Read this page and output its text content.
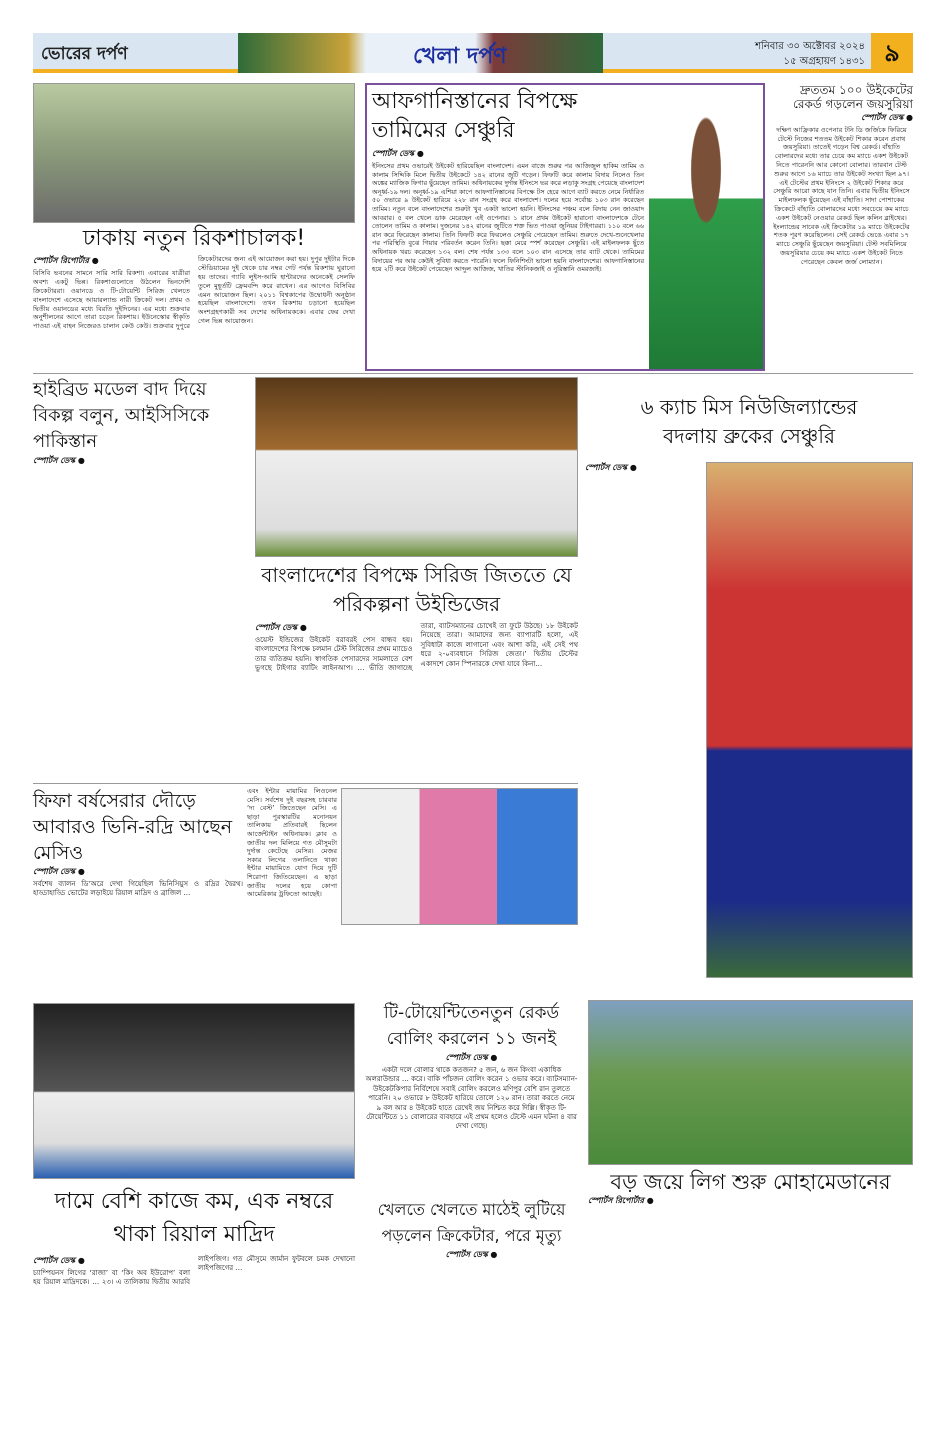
ভোরের দর্পণ	খেলা দর্পণ	শনিবার ৩০ অক্টোবর ২০২৪
১৫ অগ্রহায়ণ ১৪৩১ ৯
ঢাকায় নতুন রিকশাচালক!
স্পোর্টস রিপোর্টার ●
বিসিবি ভবনের সামনে সারি সারি রিকশা। এবারের যাত্রীরা অবশ্য একটু ভিন্ন। রিকশাগুলোতে উঠলেন ভিনদেশি ক্রিকেটাররা। ওয়ানডে ও টি-টোয়েন্টি সিরিজ খেলতে বাংলাদেশে এসেছে আয়ারল্যান্ড নারী ক্রিকেট দল। প্রথম ও দ্বিতীয় ওয়ানডের মধ্যে বিরতি দুইদিনের। এর মধ্যে শুক্রবার অনুশীলনের আগে তারা চড়েন রিকশায়। ইউনেস্কোর স্বীকৃতি পাওয়া এই বাহন নিজেরও চালান কেউ কেউ। শুক্রবার দুপুরে ক্রিকেটারদের জন্য এই আয়োজন করা হয়। দুপুর দুইটার দিকে স্টেডিয়ামের দুই থেকে চার নম্বর গেট পর্যন্ত রিকশায় ঘুরানো হয় তাদের। গ্যাবি লুইস-আমি হান্টারদের অনেকেই সেলফি তুলে মুহূর্তটি ফ্রেমবন্দি করে রাখেন। এর আগেও বিসিবির এমন আয়োজন ছিল। ২০১১ বিশ্বকাপের উদ্বোধনী অনুষ্ঠান হয়েছিল বাংলাদেশে। তখন রিকশায় চড়ানো হয়েছিল অংশগ্রহণকারী সব দেশের অধিনায়ককে। এবার ফের দেখা গেল ভিন্ন আয়োজন।
আফগানিস্তানের বিপক্ষে
তামিমের সেঞ্চুরি
স্পোর্টস ডেস্ক ●
ইনিংসের প্রথম ওভারেই উইকেট হারিয়েছিল বাংলাদেশ। এমন বাজে শুরুর পর আজিজুল হাকিম তামিম ও কালাম সিদ্দিকি মিলে দ্বিতীয় উইকেটে ১৪২ রানের জুটি গড়েন। ফিফটি করে কালাম বিদায় নিলেও তিন অঙ্কের ম্যাজিক ফিগার ছুঁয়েছেন তামিম। অধিনায়কের দুর্দান্ত ইনিংসে ভর করে লড়াকু সংগ্রহ পেয়েছে বাংলাদেশ অনূর্ধ্ব-১৯ দল। অনূর্ধ্ব-১৯ এশিয়া কাপে আফগানিস্তানের বিপক্ষে টস হেরে আগে ব্যাট করতে নেমে নির্ধারিত ৫০ ওভারে ৯ উইকেট হারিয়ে ২২৮ রান সংগ্রহ করে বাংলাদেশ। দলের হয়ে সর্বোচ্চ ১০৩ রান করেছেন তামিম। নতুন বলে বাংলাদেশের শুরুটা খুব একটা ভালো হয়নি। ইনিংসের পঞ্চম বলে বিদায় নেন জাওয়াদ আবরার। ৫ বল খেলে ডাক মেরেছেন এই ওপেনার। ১ রানে প্রথম উইকেট হারানো বাংলাদেশকে টেনে তোলেন তামিম ও কালাম। দুজনের ১৪২ রানের জুটিতে শক্ত ভিত পাওয়া জুনিয়র টাইগাররা। ১১০ বলে ৬৬ রান করে ফিরেছেন কালাম। তিনি ফিফটি করে ফিরলেও সেঞ্চুরি পেয়েছেন তামিম। শুরুতে দেখে-শুনেখেলার পর পরিস্থিতি বুঝে গিয়ার পরিবর্তন করেন তিনি। ছক্কা মেরে স্পর্শ করেছেন সেঞ্চুরি। এই মাইলফলক ছুঁতে অধিনায়ক খরচ করেছেন ১৩২ বল। শেষ পর্যন্ত ১৩৩ বলে ১০৩ রান এসেছে তার ব্যাট থেকে। তামিমের বিদায়ের পর আর কেউই সুবিধা করতে পারেনি। ফলে ফিনিশিংটা ভালো হয়নি বাংলাদেশের। আফগানিস্তানের হয়ে ২টি করে উইকেট পেয়েছেন আব্দুল আজিজ, খাতির স্টানিকজাই ও নুরিস্তানি ওমরজাই।
দ্রুততম ১০০ উইকেটের রেকর্ড গড়লেন জয়সুরিয়া
স্পোর্টস ডেস্ক ●
দক্ষিণ আফ্রিকার ওপেনার টনি ডি জর্জিকে ফিরিয়ে টেস্টে নিজের শততম উইকেট শিকার করেন প্রবাথ জয়সুরিয়া। তাতেই গড়েন বিশ্ব রেকর্ড। বাঁহাতি বোলারদের মধ্যে তার চেয়ে কম ম্যাচে একশ উইকেট নিতে পারেননি আর কোনো বোলার। তারবান টেস্ট শুরুর আগে ১৬ ম্যাচে তার উইকেট সংখ্যা ছিল ৯৭। এই টেস্টের প্রথম ইনিংসে ২ উইকেট শিকার করে সেঞ্চুরি আরো কাছে যান তিনি। এবার দ্বিতীয় ইনিংসে মাইলফলক ছুঁয়েছেন এই বাঁহাতি। সাদা পোশাকের ক্রিকেটে বাঁহাতি বোলারদের মধ্যে সবচেয়ে কম ম্যাচে একশ উইকেট নেওয়ার রেকর্ড ছিল কলিন ব্লাইথের। ইংল্যান্ডের সাবেক এই ক্রিকেটার ১৯ ম্যাচে উইকেটের শতক পূরণ করেছিলেন। সেই রেকর্ড ভেঙে এবার ১৭ ম্যাচে সেঞ্চুরি ছুঁয়েছেন জয়সুরিয়া। টেস্ট সবমিলিয়ে জয়সুরিয়ার চেয়ে কম ম্যাচে একশ উইকেট নিতে পেরেছেন কেবল জর্জ লোম্যান।
হাইব্রিড মডেল বাদ দিয়ে বিকল্প বলুন, আইসিসিকে পাকিস্তান
স্পোর্টস ডেস্ক ●
বাংলাদেশের বিপক্ষে সিরিজ জিততে যে পরিকল্পনা উইন্ডিজের
স্পোর্টস ডেস্ক ●
ওয়েস্ট ইন্ডিজের উইকেট বরাবরই পেস বান্ধব হয়। বাংলাদেশের বিপক্ষে চলমান টেস্ট সিরিজের প্রথম ম্যাচেও তার ব্যতিক্রম হয়নি। স্বাগতিক পেসারদের সামলাতে বেশ ভুগছে টাইগার ব্যাটিং লাইনআপ। … ভীতি জাগাচ্ছে তারা, ব্যাটসম্যানের চোখেই তা ফুটে উঠছে। ১৮ উইকেট নিয়েছে তারা। আমাদের জন্য ব্যাপারটি হলো, এই সুবিধাটা কাজে লাগানো এবং আশা করি, এই সেই পথ ধরে ২-০ব্যবধানে সিরিজ জেতা।’ দ্বিতীয় টেস্টের একাদশে কোন স্পিনারকে দেখা যাবে কিনা…
৬ ক্যাচ মিস নিউজিল্যান্ডের
বদলায় ব্রুকের সেঞ্চুরি
স্পোর্টস ডেস্ক ●
ফিফা বর্ষসেরার দৌড়ে আবারও ভিনি-রদ্রি আছেন মেসিও
স্পোর্টস ডেস্ক ●
সর্বশেষ ব্যালন ডি’অরে দেখা গিয়েছিল ভিনিসিয়ুস ও রদ্রির দ্বৈরথ। হাড্ডাহাড্ডি ভোটের লড়াইয়ে রিয়াল মাদ্রিদ ও ব্রাজিল …
এবং ইন্টার মায়ামির লিওনেল মেসি। সর্বশেষ দুই বছরসহ চারবার ‘দ্য বেস্ট’ জিতেছেন মেসি। এ ছাড়া পুরস্কারটির মনোনয়ন তালিকায় প্রতিবারই ছিলেন আর্জেন্টাইন অধিনায়ক। ক্লাব ও জাতীয় দল মিলিয়ে গত মৌসুমটা দুর্দান্ত কেটেছে মেসির। মেজর সকার লিগের তলানিতে থাকা ইন্টার মায়ামিতে যোগ দিয়ে দুটি শিরোপা জিতিয়েছেন। এ ছাড়া জাতীয় দলের হয়ে কোপা আমেরিকার ট্রফিতো আছেই।
টি-টোয়েন্টিতেনতুন রেকর্ড বোলিং করলেন ১১ জনই
স্পোর্টস ডেস্ক ●
একটা দলে বোলার থাকে কতজন? ৫ জন, ৬ জন কিংবা একাধিক অলরাউন্ডার … করে। বাকি পাঁচজন বোলিং করেন ১ ওভার করে। ব্যাটসম্যান-উইকেটকিপার নির্বিশেষে সবাই বোলিং করলেও মণিপুর বেশি রান তুলতে পারেনি। ২০ ওভারে ৮ উইকেট হারিয়ে তোলে ১২০ রান। তারা করতে নেমে ৯ বল আর ৪ উইকেট হাতে রেখেই জয় নিশ্চিত করে দিল্লি। স্বীকৃত টি-টোয়েন্টিতে ১১ বোলারের ব্যবহারে এই প্রথম হলেও টেস্টে এমন ঘটনা ৪ বার দেখা গেছে।
বড় জয়ে লিগ শুরু মোহামেডানের
স্পোর্টস রিপোর্টার ●
দামে বেশি কাজে কম, এক নম্বরে থাকা রিয়াল মাদ্রিদ
স্পোর্টস ডেস্ক ●
চ্যাম্পিয়নস লিগের ‘রাজা’ বা ‘কিং অব ইউরোপ’ বলা হয় রিয়াল মাদ্রিদকে। … ২৩। এ তালিকায় দ্বিতীয় আরবি লাইপজিগ। গত মৌসুমে জার্মান ফুটবলে চমক দেখানো লাইপজিগের …
খেলতে খেলতে মাঠেই লুটিয়ে পড়লেন ক্রিকেটার, পরে মৃত্যু
স্পোর্টস ডেস্ক ●
